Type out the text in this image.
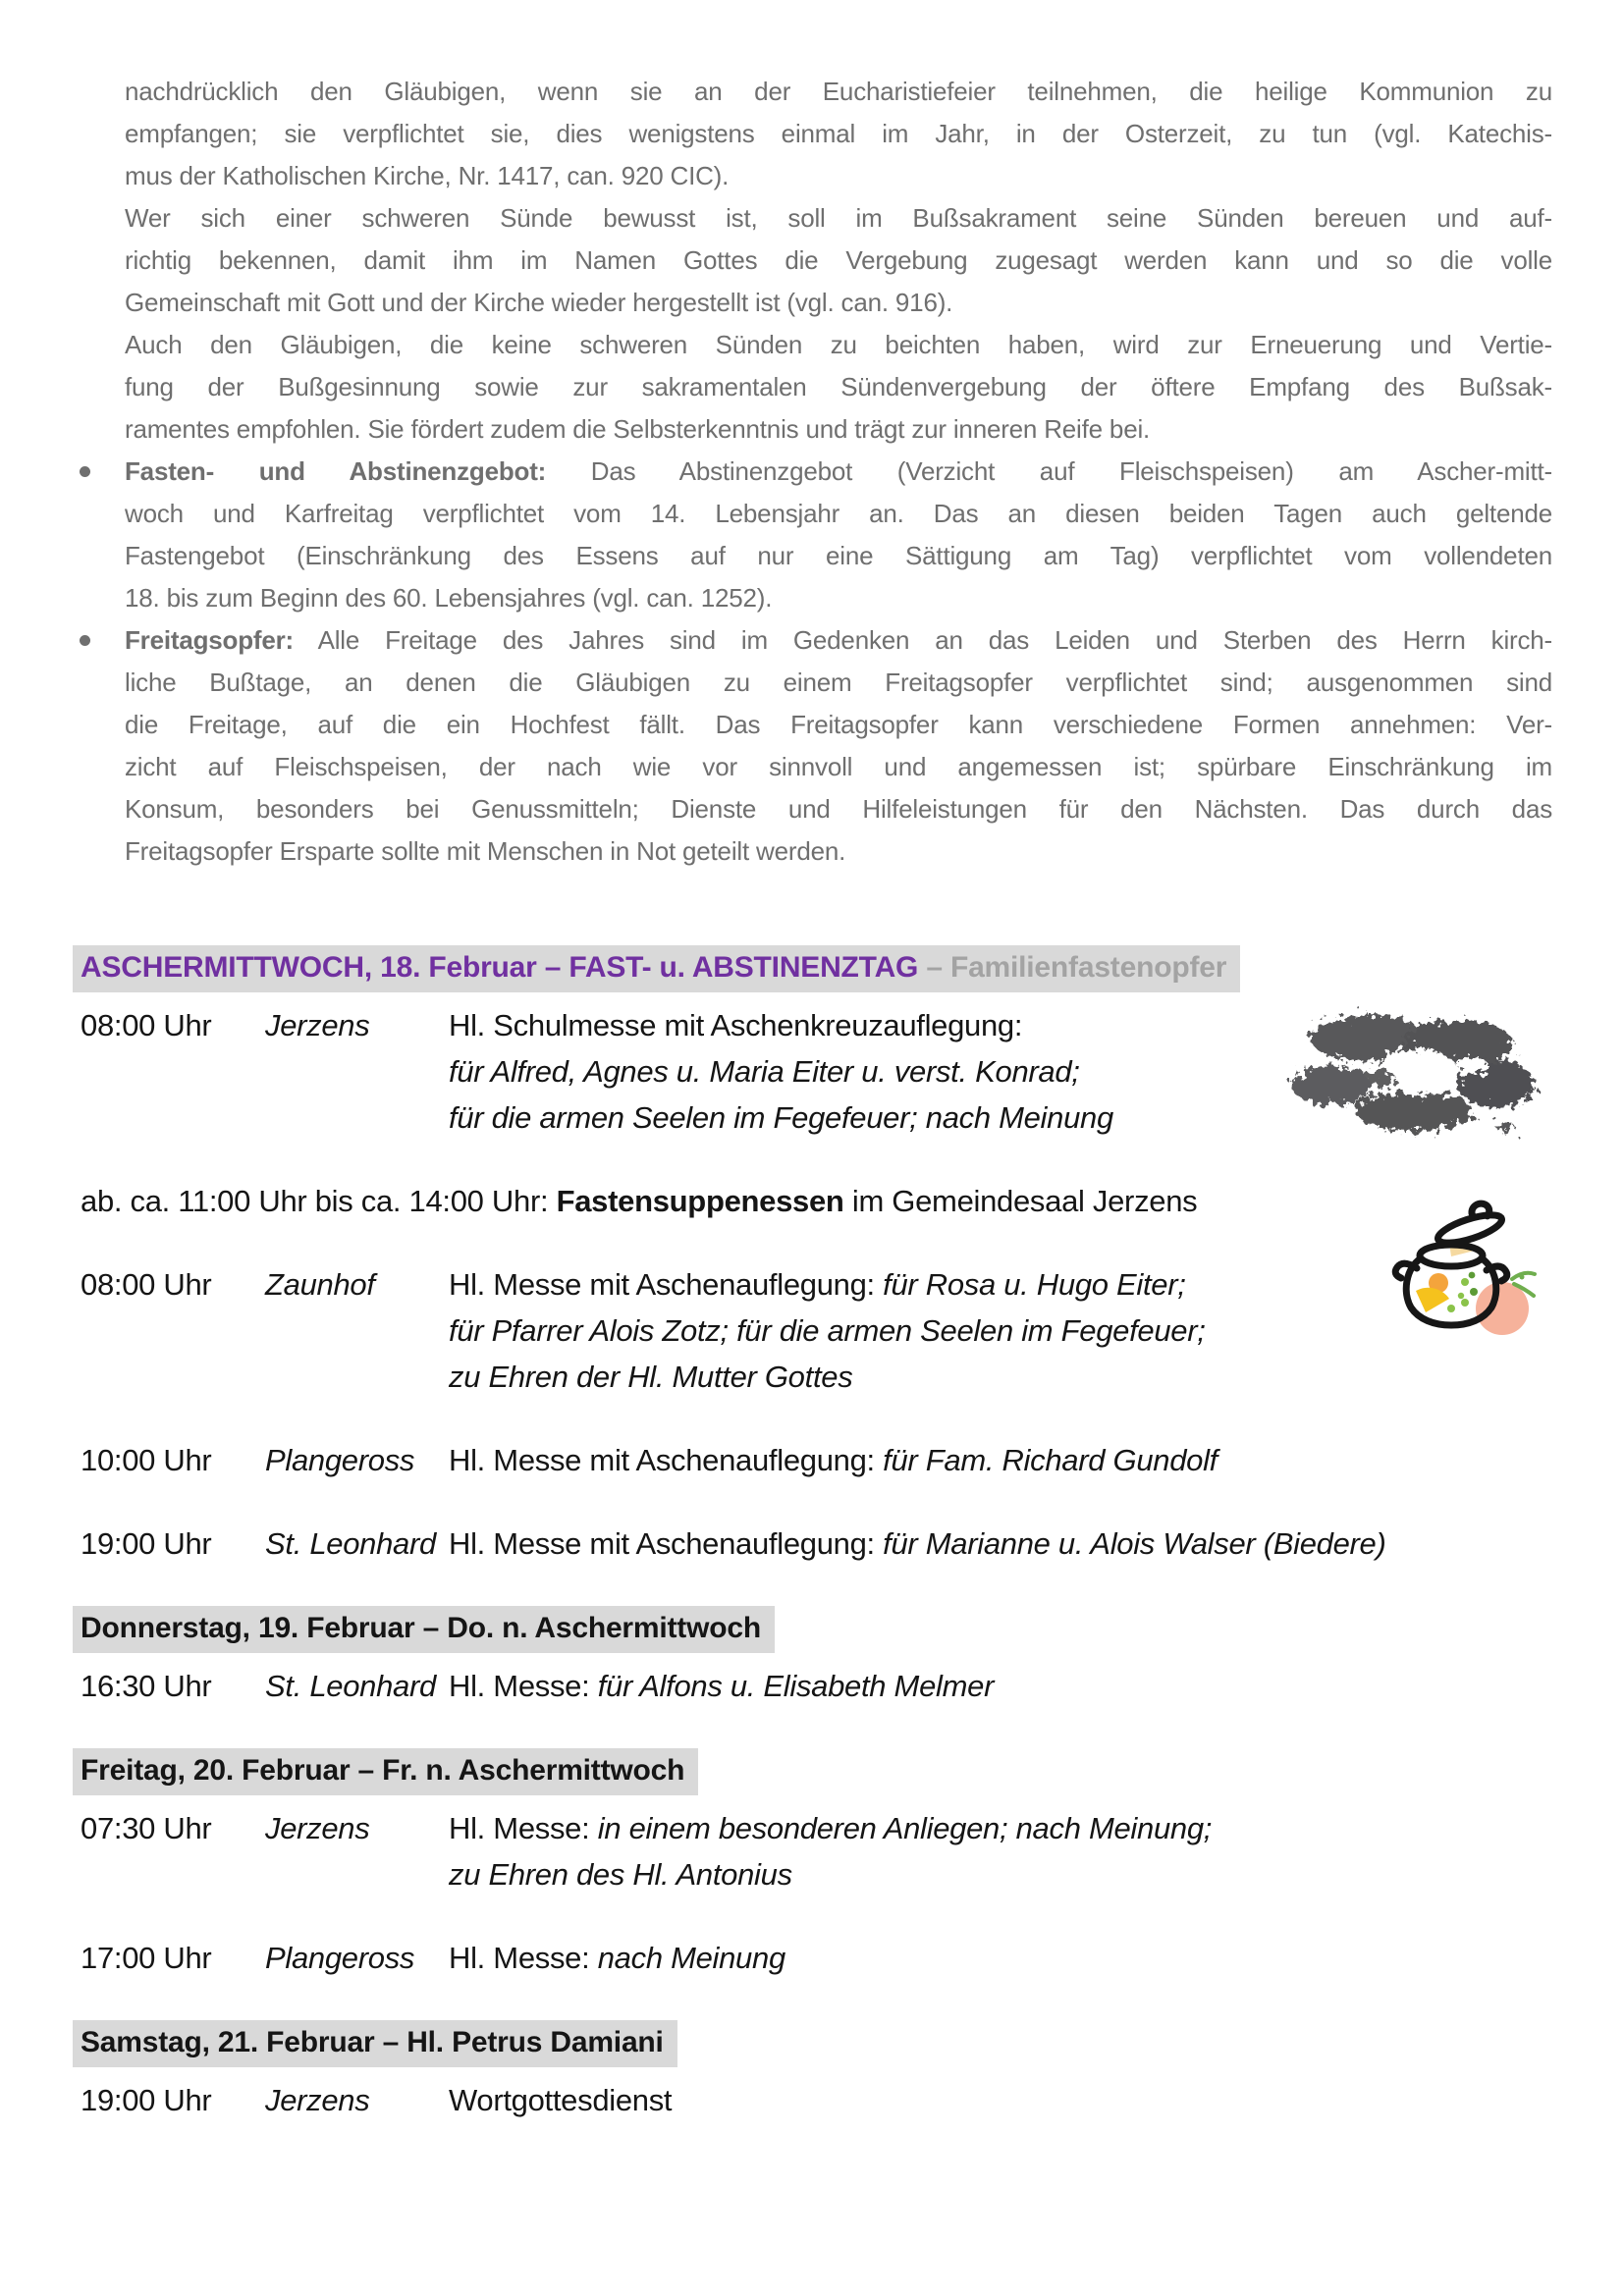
nachdrücklich den Gläubigen, wenn sie an der Eucharistiefeier teilnehmen, die heilige Kommunion zu
empfangen; sie verpflichtet sie, dies wenigstens einmal im Jahr, in der Osterzeit, zu tun (vgl. Katechis-
mus der Katholischen Kirche, Nr. 1417, can. 920 CIC).
Wer sich einer schweren Sünde bewusst ist, soll im Bußsakrament seine Sünden bereuen und auf-
richtig bekennen, damit ihm im Namen Gottes die Vergebung zugesagt werden kann und so die volle
Gemeinschaft mit Gott und der Kirche wieder hergestellt ist (vgl. can. 916).
Auch den Gläubigen, die keine schweren Sünden zu beichten haben, wird zur Erneuerung und Vertie-
fung der Bußgesinnung sowie zur sakramentalen Sündenvergebung der öftere Empfang des Bußsak-
ramentes empfohlen. Sie fördert zudem die Selbsterkenntnis und trägt zur inneren Reife bei.
Fasten- und Abstinenzgebot: Das Abstinenzgebot (Verzicht auf Fleischspeisen) am Ascher-mitt-
woch und Karfreitag verpflichtet vom 14. Lebensjahr an. Das an diesen beiden Tagen auch geltende
Fastengebot (Einschränkung des Essens auf nur eine Sättigung am Tag) verpflichtet vom vollendeten
18. bis zum Beginn des 60. Lebensjahres (vgl. can. 1252).
Freitagsopfer: Alle Freitage des Jahres sind im Gedenken an das Leiden und Sterben des Herrn kirch-
liche Bußtage, an denen die Gläubigen zu einem Freitagsopfer verpflichtet sind; ausgenommen sind
die Freitage, auf die ein Hochfest fällt. Das Freitagsopfer kann verschiedene Formen annehmen: Ver-
zicht auf Fleischspeisen, der nach wie vor sinnvoll und angemessen ist; spürbare Einschränkung im
Konsum, besonders bei Genussmitteln; Dienste und Hilfeleistungen für den Nächsten. Das durch das
Freitagsopfer Ersparte sollte mit Menschen in Not geteilt werden.
ASCHERMITTWOCH, 18. Februar – FAST- u. ABSTINENZTAG – Familienfastenopfer
08:00 Uhr	Jerzens	Hl. Schulmesse mit Aschenkreuzauflegung:
für Alfred, Agnes u. Maria Eiter u. verst. Konrad;
für die armen Seelen im Fegefeuer; nach Meinung
ab. ca. 11:00 Uhr bis ca. 14:00 Uhr: Fastensuppenessen im Gemeindesaal Jerzens
08:00 Uhr	Zaunhof	Hl. Messe mit Aschenauflegung: für Rosa u. Hugo Eiter;
für Pfarrer Alois Zotz; für die armen Seelen im Fegefeuer;
zu Ehren der Hl. Mutter Gottes
10:00 Uhr	Plangeross	Hl. Messe mit Aschenauflegung: für Fam. Richard Gundolf
19:00 Uhr	St. Leonhard Hl. Messe mit Aschenauflegung: für Marianne u. Alois Walser (Biedere)
Donnerstag, 19. Februar – Do. n. Aschermittwoch
16:30 Uhr	St. Leonhard Hl. Messe: für Alfons u. Elisabeth Melmer
Freitag, 20. Februar – Fr. n. Aschermittwoch
07:30 Uhr	Jerzens	Hl. Messe: in einem besonderen Anliegen; nach Meinung;
zu Ehren des Hl. Antonius
17:00 Uhr	Plangeross	Hl. Messe: nach Meinung
Samstag, 21. Februar – Hl. Petrus Damiani
19:00 Uhr	Jerzens	Wortgottesdienst
